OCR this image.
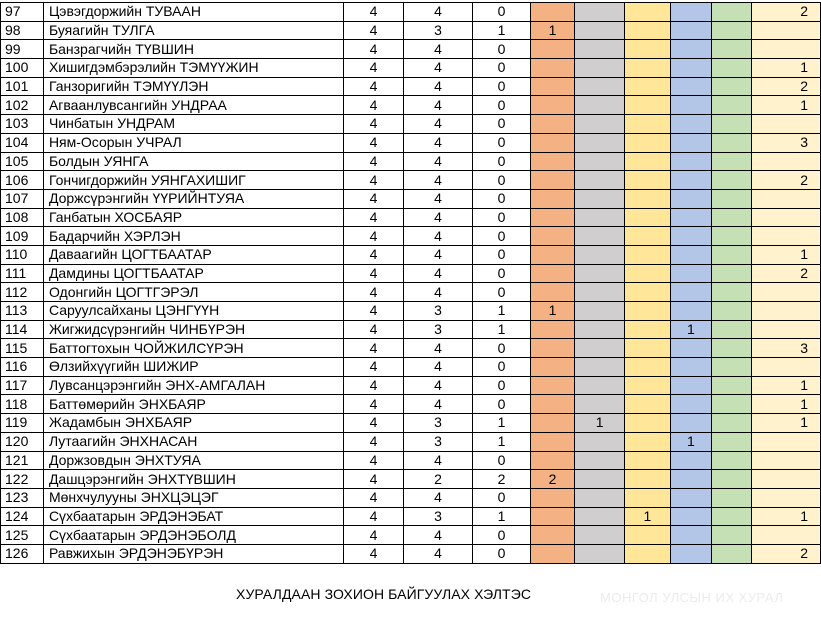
97	Цэвэгдоржийн ТУВААН	4	4	0						2
98	Буяагийн ТУЛГА	4	3	1	1					
99	Банзрагчийн ТҮВШИН	4	4	0						
100	Хишигдэмбэрэлийн ТЭМҮҮЖИН	4	4	0						1
101	Ганзоригийн ТЭМҮҮЛЭН	4	4	0						2
102	Агваанлувсангийн УНДРАА	4	4	0						1
103	Чинбатын УНДРАМ	4	4	0						
104	Ням-Осорын УЧРАЛ	4	4	0						3
105	Болдын УЯНГА	4	4	0						
106	Гончигдоржийн УЯНГАХИШИГ	4	4	0						2
107	Доржсүрэнгийн ҮҮРИЙНТУЯА	4	4	0						
108	Ганбатын ХОСБАЯР	4	4	0						
109	Бадарчийн ХЭРЛЭН	4	4	0						
110	Даваагийн ЦОГТБААТАР	4	4	0						1
111	Дамдины ЦОГТБААТАР	4	4	0						2
112	Одонгийн ЦОГТГЭРЭЛ	4	4	0						
113	Саруулсайханы ЦЭНГҮҮН	4	3	1	1					
114	Жигжидсүрэнгийн ЧИНБҮРЭН	4	3	1				1		
115	Баттогтохын ЧОЙЖИЛСҮРЭН	4	4	0						3
116	Өлзийхүүгийн ШИЖИР	4	4	0						
117	Лувсанцэрэнгийн ЭНХ-АМГАЛАН	4	4	0						1
118	Баттөмөрийн ЭНХБАЯР	4	4	0						1
119	Жадамбын ЭНХБАЯР	4	3	1		1				1
120	Лутаагийн ЭНХНАСАН	4	3	1				1		
121	Доржзовдын ЭНХТУЯА	4	4	0						
122	Дашцэрэнгийн ЭНХТҮВШИН	4	2	2	2					
123	Мөнхчулууны ЭНХЦЭЦЭГ	4	4	0						
124	Сүхбаатарын ЭРДЭНЭБАТ	4	3	1			1			1
125	Сүхбаатарын ЭРДЭНЭБОЛД	4	4	0						
126	Равжихын ЭРДЭНЭБҮРЭН	4	4	0						2
ХУРАЛДААН ЗОХИОН БАЙГУУЛАХ ХЭЛТЭС	МОНГОЛ УЛСЫН ИХ ХУРАЛ
